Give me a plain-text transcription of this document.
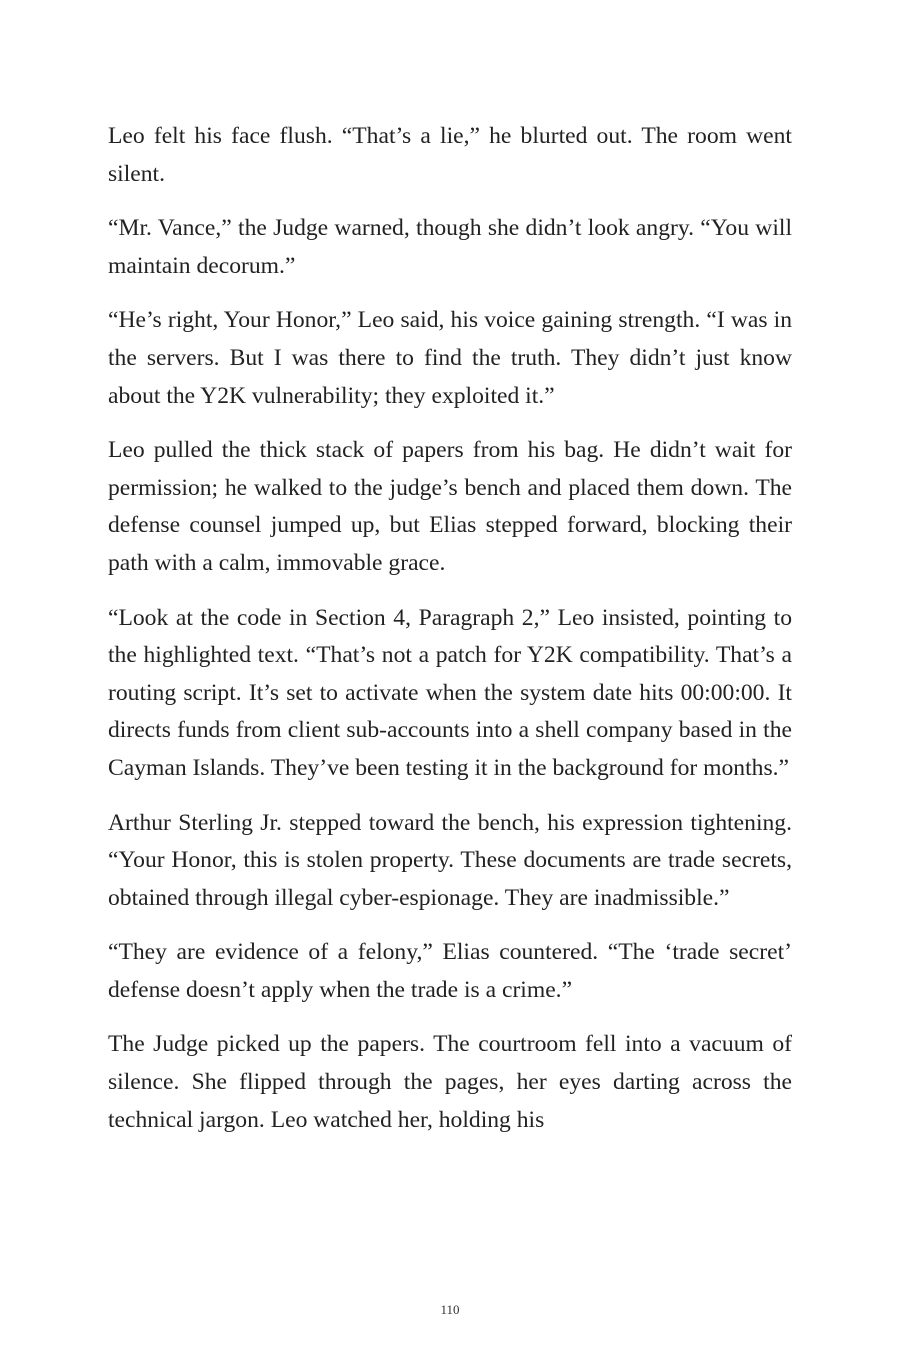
Leo felt his face flush. “That’s a lie,” he blurted out. The room went silent.

“Mr. Vance,” the Judge warned, though she didn’t look angry. “You will maintain decorum.”

“He’s right, Your Honor,” Leo said, his voice gaining strength. “I was in the servers. But I was there to find the truth. They didn’t just know about the Y2K vulnerability; they exploited it.”

Leo pulled the thick stack of papers from his bag. He didn’t wait for permission; he walked to the judge’s bench and placed them down. The defense counsel jumped up, but Elias stepped forward, blocking their path with a calm, immovable grace.

“Look at the code in Section 4, Paragraph 2,” Leo insisted, pointing to the highlighted text. “That’s not a patch for Y2K compatibility. That’s a routing script. It’s set to activate when the system date hits 00:00:00. It directs funds from client sub-accounts into a shell company based in the Cayman Islands. They’ve been testing it in the background for months.”

Arthur Sterling Jr. stepped toward the bench, his expression tightening. “Your Honor, this is stolen property. These documents are trade secrets, obtained through illegal cyber-espionage. They are inadmissible.”

“They are evidence of a felony,” Elias countered. “The ‘trade secret’ defense doesn’t apply when the trade is a crime.”

The Judge picked up the papers. The courtroom fell into a vacuum of silence. She flipped through the pages, her eyes darting across the technical jargon. Leo watched her, holding his

110
